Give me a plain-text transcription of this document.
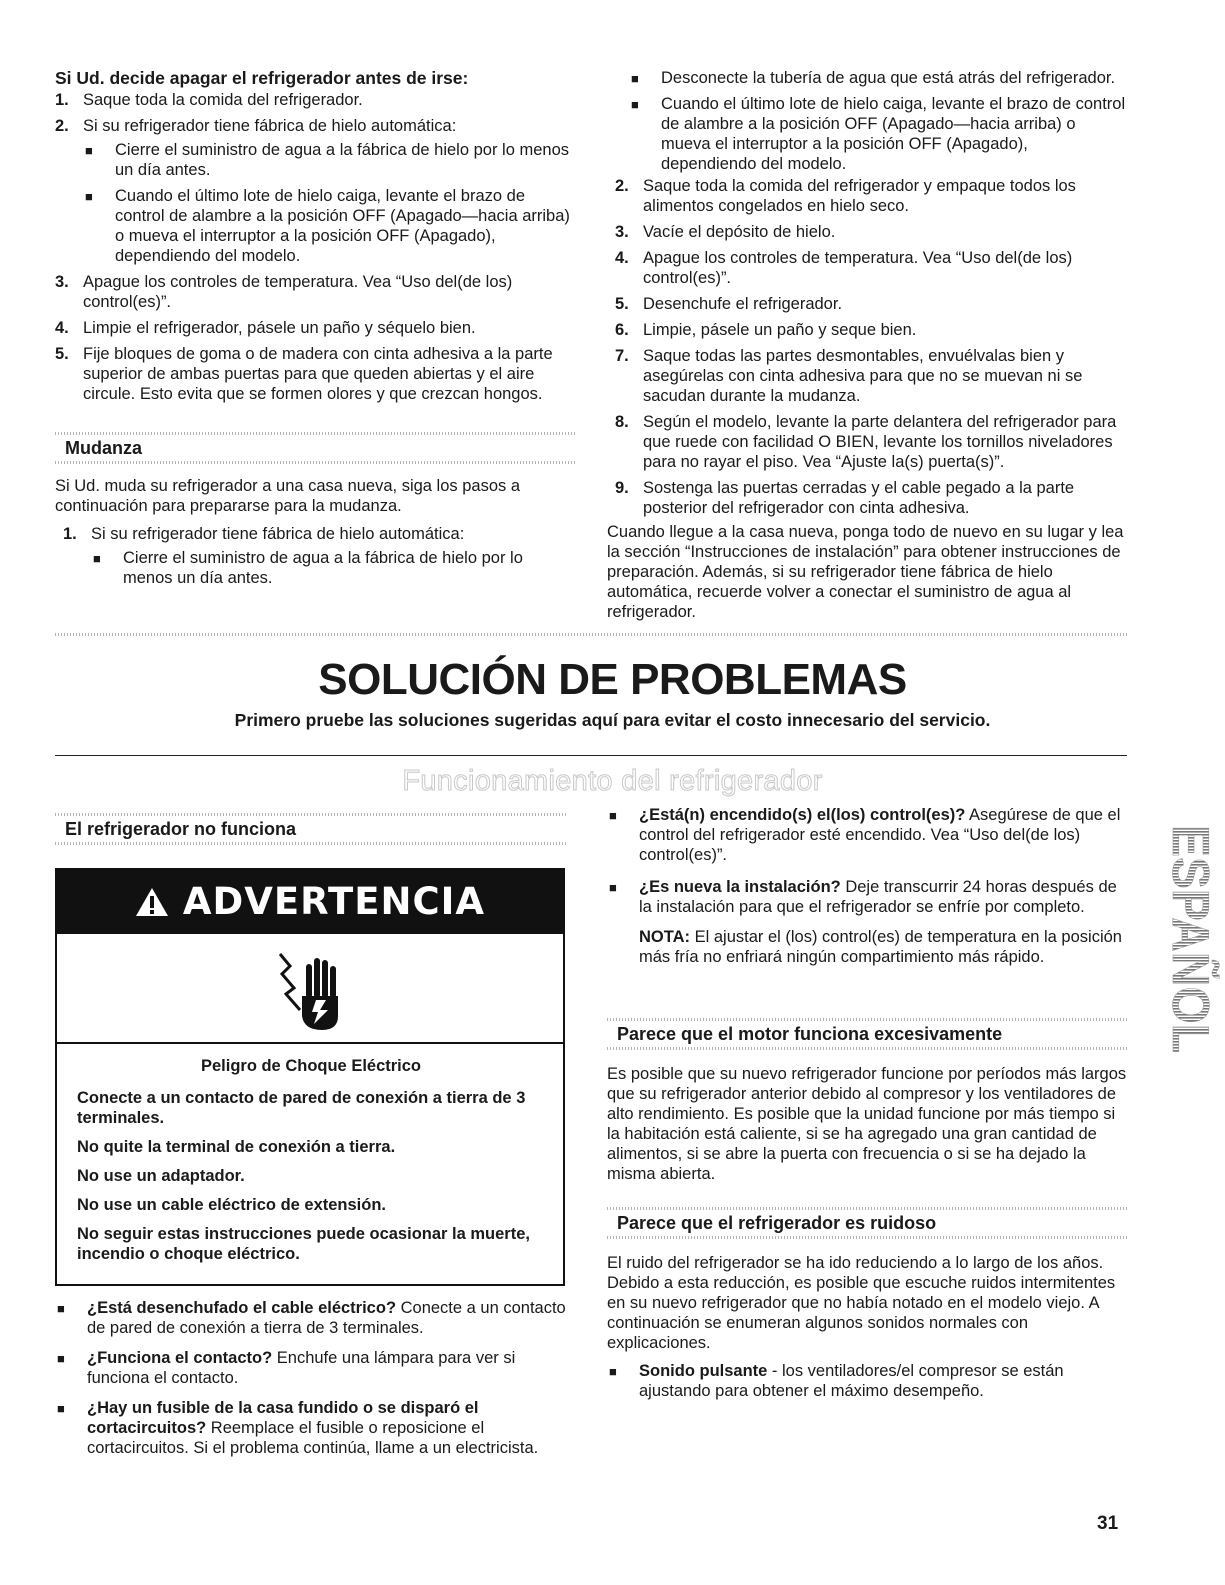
Si Ud. decide apagar el refrigerador antes de irse:
1. Saque toda la comida del refrigerador.
2. Si su refrigerador tiene fábrica de hielo automática:
■ Cierre el suministro de agua a la fábrica de hielo por lo menos un día antes.
■ Cuando el último lote de hielo caiga, levante el brazo de control de alambre a la posición OFF (Apagado—hacia arriba) o mueva el interruptor a la posición OFF (Apagado), dependiendo del modelo.
3. Apague los controles de temperatura. Vea “Uso del(de los) control(es)”.
4. Limpie el refrigerador, pásele un paño y séquelo bien.
5. Fije bloques de goma o de madera con cinta adhesiva a la parte superior de ambas puertas para que queden abiertas y el aire circule. Esto evita que se formen olores y que crezcan hongos.
Mudanza

Si Ud. muda su refrigerador a una casa nueva, siga los pasos a continuación para prepararse para la mudanza.

1. Si su refrigerador tiene fábrica de hielo automática:
■ Cierre el suministro de agua a la fábrica de hielo por lo menos un día antes.
■ Desconecte la tubería de agua que está atrás del refrigerador.
■ Cuando el último lote de hielo caiga, levante el brazo de control de alambre a la posición OFF (Apagado—hacia arriba) o mueva el interruptor a la posición OFF (Apagado), dependiendo del modelo.
2. Saque toda la comida del refrigerador y empaque todos los alimentos congelados en hielo seco.
3. Vacíe el depósito de hielo.
4. Apague los controles de temperatura. Vea “Uso del(de los) control(es)”.
5. Desenchufe el refrigerador.
6. Limpie, pásele un paño y seque bien.
7. Saque todas las partes desmontables, envuélvalas bien y asegúrelas con cinta adhesiva para que no se muevan ni se sacudan durante la mudanza.
8. Según el modelo, levante la parte delantera del refrigerador para que ruede con facilidad O BIEN, levante los tornillos niveladores para no rayar el piso. Vea “Ajuste la(s) puerta(s)”.
9. Sostenga las puertas cerradas y el cable pegado a la parte posterior del refrigerador con cinta adhesiva.

Cuando llegue a la casa nueva, ponga todo de nuevo en su lugar y lea la sección “Instrucciones de instalación” para obtener instrucciones de preparación. Además, si su refrigerador tiene fábrica de hielo automática, recuerde volver a conectar el suministro de agua al refrigerador.

SOLUCIÓN DE PROBLEMAS
Primero pruebe las soluciones sugeridas aquí para evitar el costo innecesario del servicio.
Funcionamiento del refrigerador
El refrigerador no funciona
ADVERTENCIA

Peligro de Choque Eléctrico

Conecte a un contacto de pared de conexión a tierra de 3 terminales.

No quite la terminal de conexión a tierra.

No use un adaptador.

No use un cable eléctrico de extensión.

No seguir estas instrucciones puede ocasionar la muerte, incendio o choque eléctrico.

■ ¿Está desenchufado el cable eléctrico? Conecte a un contacto de pared de conexión a tierra de 3 terminales.
■ ¿Funciona el contacto? Enchufe una lámpara para ver si funciona el contacto.
■ ¿Hay un fusible de la casa fundido o se disparó el cortacircuitos? Reemplace el fusible o reposicione el cortacircuitos. Si el problema continúa, llame a un electricista.
■ ¿Está(n) encendido(s) el(los) control(es)? Asegúrese de que el control del refrigerador esté encendido. Vea “Uso del(de los) control(es)”.
■ ¿Es nueva la instalación? Deje transcurrir 24 horas después de la instalación para que el refrigerador se enfríe por completo.

NOTA: El ajustar el (los) control(es) de temperatura en la posición más fría no enfriará ningún compartimiento más rápido.

Parece que el motor funciona excesivamente

Es posible que su nuevo refrigerador funcione por períodos más largos que su refrigerador anterior debido al compresor y los ventiladores de alto rendimiento. Es posible que la unidad funcione por más tiempo si la habitación está caliente, si se ha agregado una gran cantidad de alimentos, si se abre la puerta con frecuencia o si se ha dejado la misma abierta.

Parece que el refrigerador es ruidoso

El ruido del refrigerador se ha ido reduciendo a lo largo de los años. Debido a esta reducción, es posible que escuche ruidos intermitentes en su nuevo refrigerador que no había notado en el modelo viejo. A continuación se enumeran algunos sonidos normales con explicaciones.

■ Sonido pulsante - los ventiladores/el compresor se están ajustando para obtener el máximo desempeño.
ESPAÑOL
31
